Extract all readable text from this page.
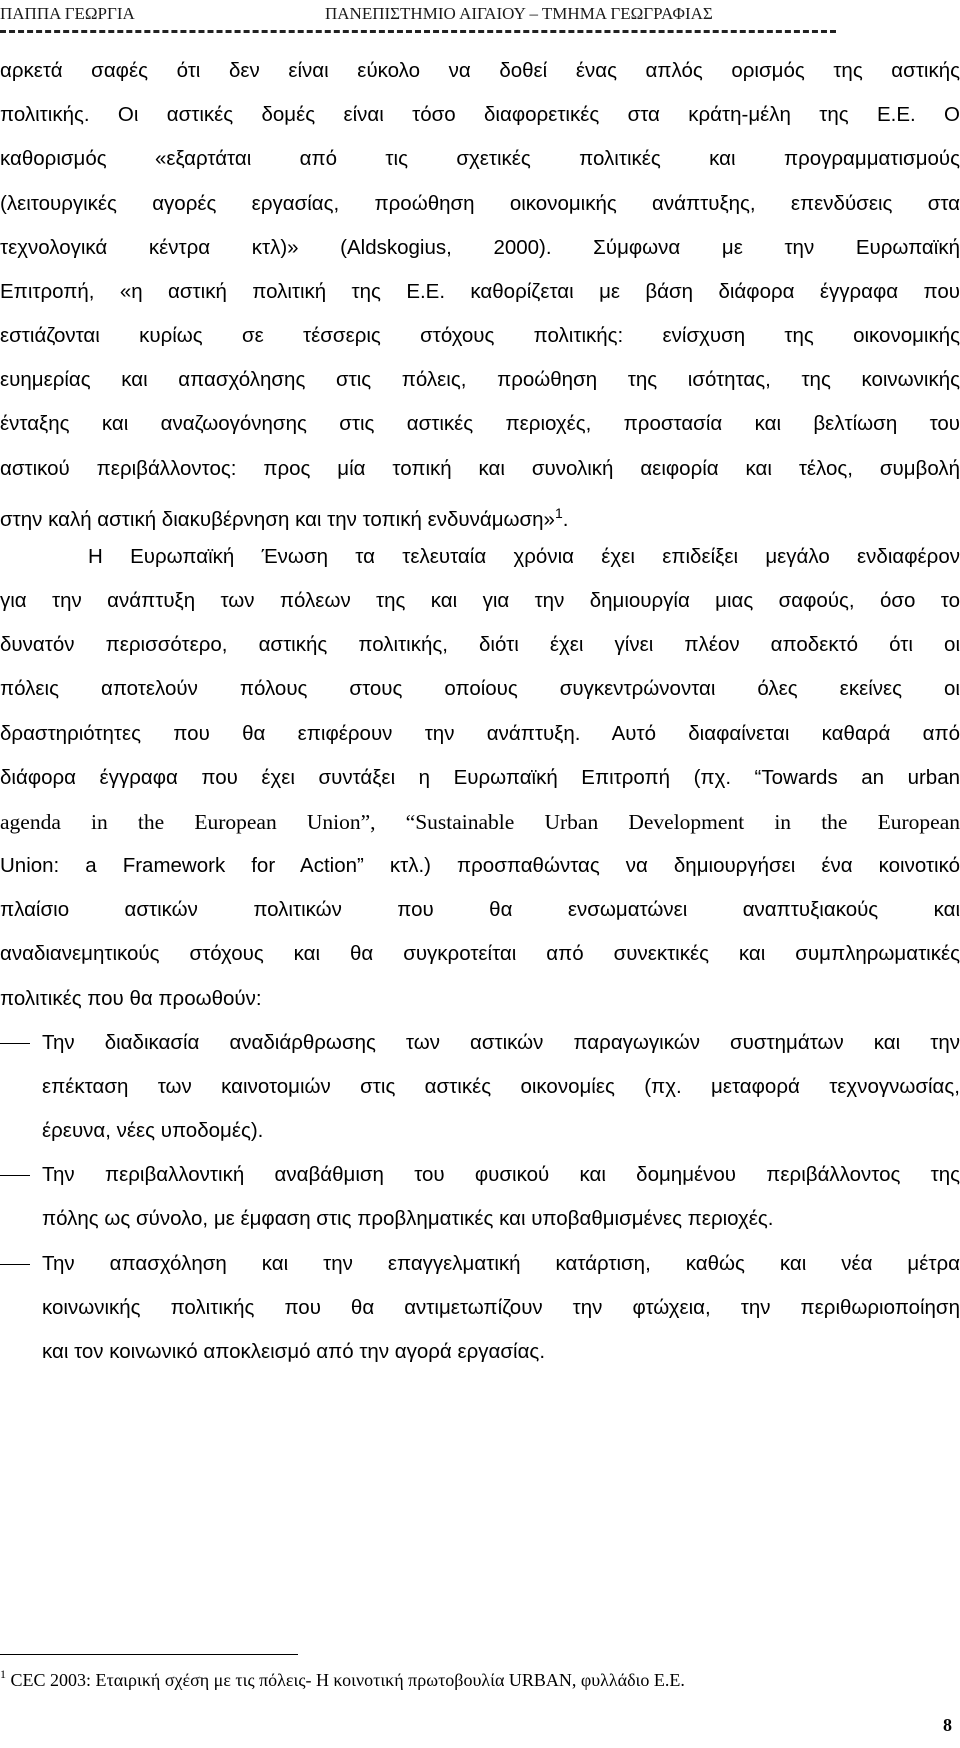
ΠΑΠΠΑ ΓΕΩΡΓΙΑ	ΠΑΝΕΠΙΣΤΗΜΙΟ ΑΙΓΑΙΟΥ – ΤΜΗΜΑ ΓΕΩΓΡΑΦΙΑΣ
αρκετά σαφές ότι δεν είναι εύκολο να δοθεί ένας απλός ορισμός της αστικής
πολιτικής. Οι αστικές δομές είναι τόσο διαφορετικές στα κράτη-μέλη της Ε.Ε. Ο
καθορισμός «εξαρτάται από τις σχετικές πολιτικές και προγραμματισμούς
(λειτουργικές αγορές εργασίας, προώθηση οικονομικής ανάπτυξης, επενδύσεις στα
τεχνολογικά κέντρα κτλ)» (Aldskogius, 2000). Σύμφωνα με την Ευρωπαϊκή
Επιτροπή, «η αστική πολιτική της Ε.Ε. καθορίζεται με βάση διάφορα έγγραφα που
εστιάζονται κυρίως σε τέσσερις στόχους πολιτικής: ενίσχυση της οικονομικής
ευημερίας και απασχόλησης στις πόλεις, προώθηση της ισότητας, της κοινωνικής
ένταξης και αναζωογόνησης στις αστικές περιοχές, προστασία και βελτίωση του
αστικού περιβάλλοντος: προς μία τοπική και συνολική αειφορία και τέλος, συμβολή
στην καλή αστική διακυβέρνηση και την τοπική ενδυνάμωση»$^1$.
Η Ευρωπαϊκή Ένωση τα τελευταία χρόνια έχει επιδείξει μεγάλο ενδιαφέρον
για την ανάπτυξη των πόλεων της και για την δημιουργία μιας σαφούς, όσο το
δυνατόν περισσότερο, αστικής πολιτικής, διότι έχει γίνει πλέον αποδεκτό ότι οι
πόλεις αποτελούν πόλους στους οποίους συγκεντρώνονται όλες εκείνες οι
δραστηριότητες που θα επιφέρουν την ανάπτυξη. Αυτό διαφαίνεται καθαρά από
διάφορα έγγραφα που έχει συντάξει η Ευρωπαϊκή Επιτροπή (πχ. “Towards an urban
agenda in the European Union”, “Sustainable Urban Development in the European
Union: a Framework for Action” κτλ.) προσπαθώντας να δημιουργήσει ένα κοινοτικό
πλαίσιο αστικών πολιτικών που θα ενσωματώνει αναπτυξιακούς και
αναδιανεμητικούς στόχους και θα συγκροτείται από συνεκτικές και συμπληρωματικές
πολιτικές που θα προωθούν:
Την διαδικασία αναδιάρθρωσης των αστικών παραγωγικών συστημάτων και την
επέκταση των καινοτομιών στις αστικές οικονομίες (πχ. μεταφορά τεχνογνωσίας,
έρευνα, νέες υποδομές).
Την περιβαλλοντική αναβάθμιση του φυσικού και δομημένου περιβάλλοντος της
πόλης ως σύνολο, με έμφαση στις προβληματικές και υποβαθμισμένες περιοχές.
Την απασχόληση και την επαγγελματική κατάρτιση, καθώς και νέα μέτρα
κοινωνικής πολιτικής που θα αντιμετωπίζουν την φτώχεια, την περιθωριοποίηση
και τον κοινωνικό αποκλεισμό από την αγορά εργασίας.
$^1$ CEC 2003: Εταιρική σχέση με τις πόλεις- Η κοινοτική πρωτοβουλία URBAN, φυλλάδιο Ε.Ε.
8
